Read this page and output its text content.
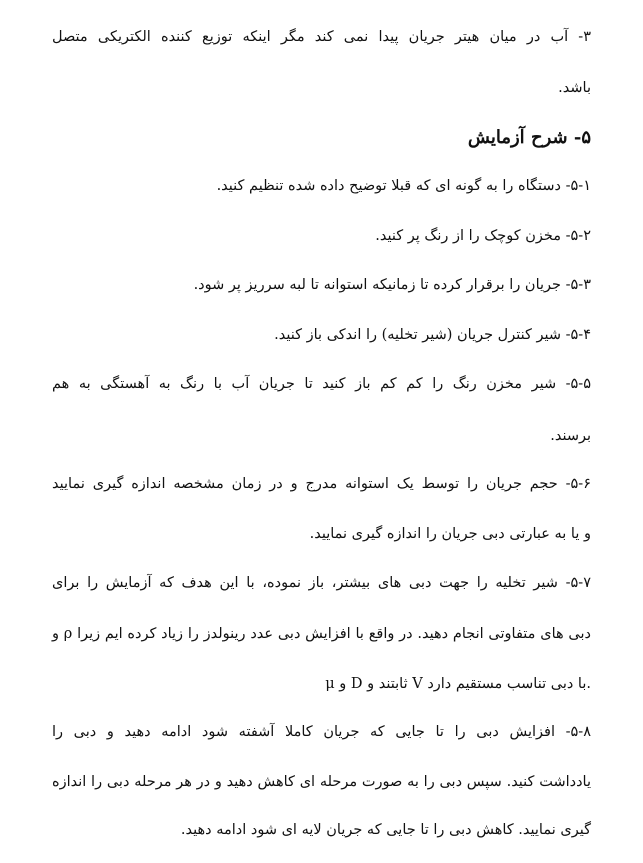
۳- آب در میان هیتر جریان پیدا نمی کند مگر اینکه توزیع کننده الکتریکی متصل
باشد.
۵- شرح آزمایش
۵-۱- دستگاه را به گونه ای که قبلا توضیح داده شده تنظیم کنید.
۵-۲- مخزن کوچک را از رنگ پر کنید.
۵-۳- جریان را برقرار کرده تا زمانیکه استوانه تا لبه سرریز پر شود.
۵-۴- شیر کنترل جریان (شیر تخلیه) را اندکی باز کنید.
۵-۵- شیر مخزن رنگ را کم کم باز کنید تا جریان آب با رنگ به آهستگی به هم
برسند.
۵-۶- حجم جریان را توسط یک استوانه مدرج و در زمان مشخصه اندازه گیری نمایید
و یا به عبارتی دبی جریان را اندازه گیری نمایید.
۵-۷- شیر تخلیه را جهت دبی های بیشتر، باز نموده، با این هدف که آزمایش را برای
دبی های متفاوتی انجام دهید. در واقع با افزایش دبی عدد رینولدز را زیاد کرده ایم زیرا ρ و
μ و D ثابتند و V با دبی تناسب مستقیم دارد.
۵-۸- افزایش دبی را تا جایی که جریان کاملا آشفته شود ادامه دهید و دبی را
یادداشت کنید. سپس دبی را به صورت مرحله ای کاهش دهید و در هر مرحله دبی را اندازه
گیری نمایید. کاهش دبی را تا جایی که جریان لایه ای شود ادامه دهید.
